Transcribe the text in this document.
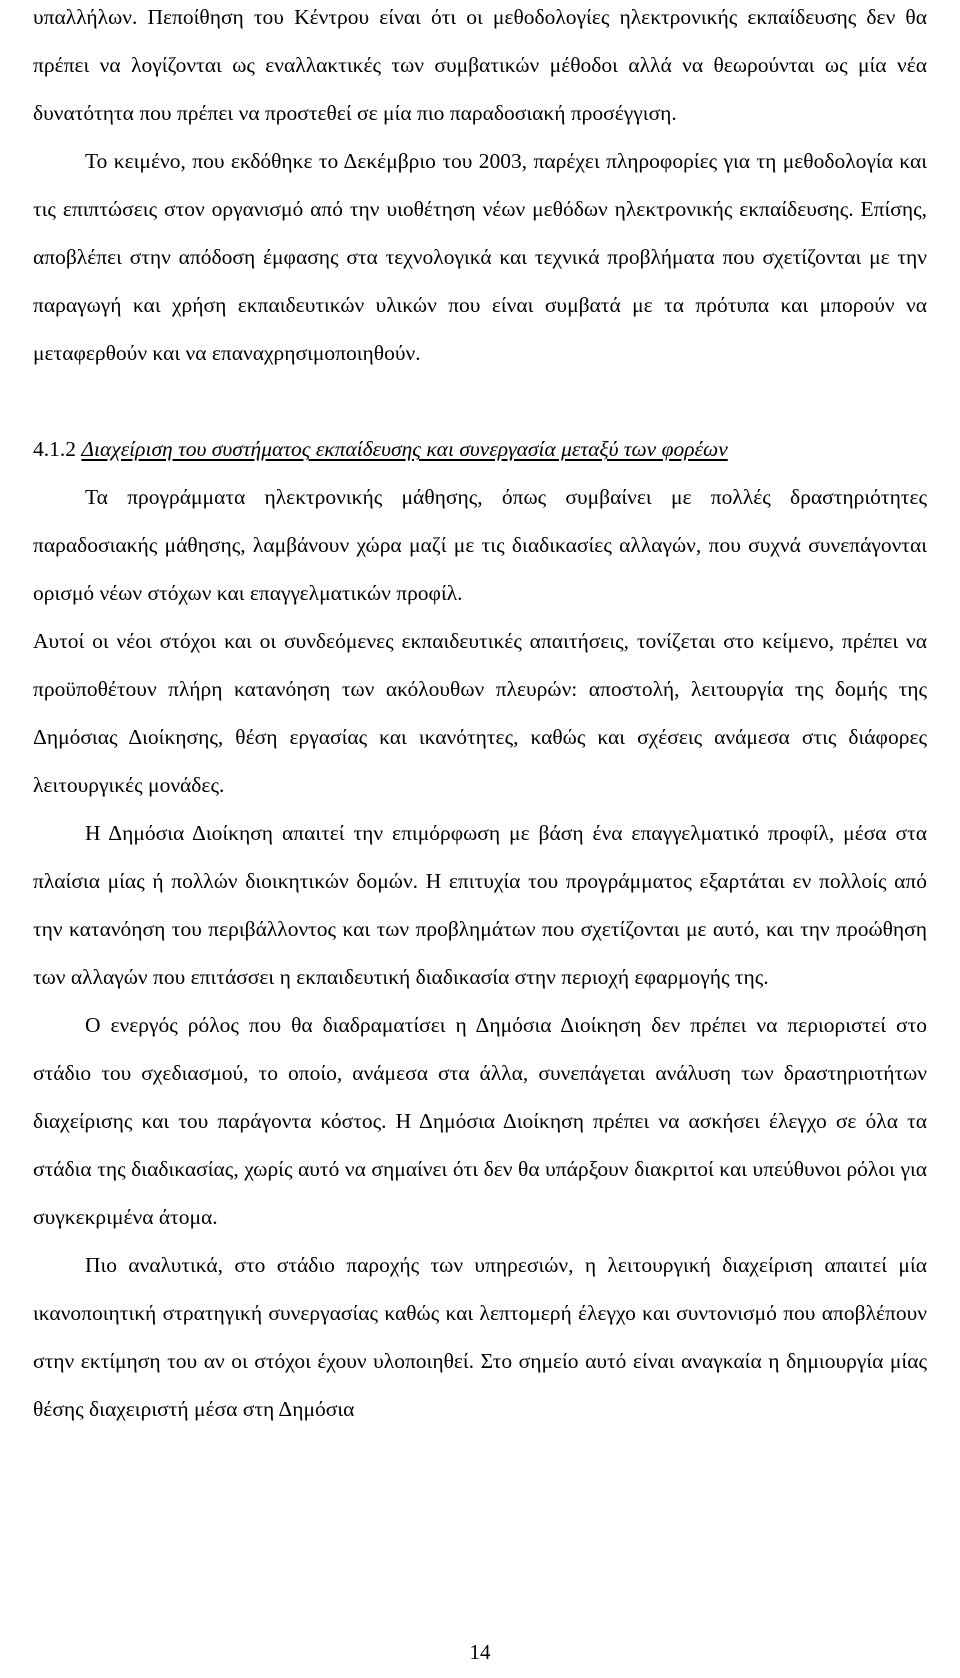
υπαλλήλων. Πεποίθηση του Κέντρου είναι ότι οι μεθοδολογίες ηλεκτρονικής εκπαίδευσης δεν θα πρέπει να λογίζονται ως εναλλακτικές των συμβατικών μέθοδοι αλλά να θεωρούνται ως μία νέα δυνατότητα που πρέπει να προστεθεί σε μία πιο παραδοσιακή προσέγγιση.

Το κειμένο, που εκδόθηκε το Δεκέμβριο του 2003, παρέχει πληροφορίες για τη μεθοδολογία και τις επιπτώσεις στον οργανισμό από την υιοθέτηση νέων μεθόδων ηλεκτρονικής εκπαίδευσης. Επίσης, αποβλέπει στην απόδοση έμφασης στα τεχνολογικά και τεχνικά προβλήματα που σχετίζονται με την παραγωγή και χρήση εκπαιδευτικών υλικών που είναι συμβατά με τα πρότυπα και μπορούν να μεταφερθούν και να επαναχρησιμοποιηθούν.

4.1.2 Διαχείριση του συστήματος εκπαίδευσης και συνεργασία μεταξύ των φορέων

Τα προγράμματα ηλεκτρονικής μάθησης, όπως συμβαίνει με πολλές δραστηριότητες παραδοσιακής μάθησης, λαμβάνουν χώρα μαζί με τις διαδικασίες αλλαγών, που συχνά συνεπάγονται ορισμό νέων στόχων και επαγγελματικών προφίλ.

Αυτοί οι νέοι στόχοι και οι συνδεόμενες εκπαιδευτικές απαιτήσεις, τονίζεται στο κείμενο, πρέπει να προϋποθέτουν πλήρη κατανόηση των ακόλουθων πλευρών: αποστολή, λειτουργία της δομής της Δημόσιας Διοίκησης, θέση εργασίας και ικανότητες, καθώς και σχέσεις ανάμεσα στις διάφορες λειτουργικές μονάδες.

Η Δημόσια Διοίκηση απαιτεί την επιμόρφωση με βάση ένα επαγγελματικό προφίλ, μέσα στα πλαίσια μίας ή πολλών διοικητικών δομών. Η επιτυχία του προγράμματος εξαρτάται εν πολλοίς από την κατανόηση του περιβάλλοντος και των προβλημάτων που σχετίζονται με αυτό, και την προώθηση των αλλαγών που επιτάσσει η εκπαιδευτική διαδικασία στην περιοχή εφαρμογής της.

Ο ενεργός ρόλος που θα διαδραματίσει η Δημόσια Διοίκηση δεν πρέπει να περιοριστεί στο στάδιο του σχεδιασμού, το οποίο, ανάμεσα στα άλλα, συνεπάγεται ανάλυση των δραστηριοτήτων διαχείρισης και του παράγοντα κόστος. Η Δημόσια Διοίκηση πρέπει να ασκήσει έλεγχο σε όλα τα στάδια της διαδικασίας, χωρίς αυτό να σημαίνει ότι δεν θα υπάρξουν διακριτοί και υπεύθυνοι ρόλοι για συγκεκριμένα άτομα.

Πιο αναλυτικά, στο στάδιο παροχής των υπηρεσιών, η λειτουργική διαχείριση απαιτεί μία ικανοποιητική στρατηγική συνεργασίας καθώς και λεπτομερή έλεγχο και συντονισμό που αποβλέπουν στην εκτίμηση του αν οι στόχοι έχουν υλοποιηθεί. Στο σημείο αυτό είναι αναγκαία η δημιουργία μίας θέσης διαχειριστή μέσα στη Δημόσια

14
